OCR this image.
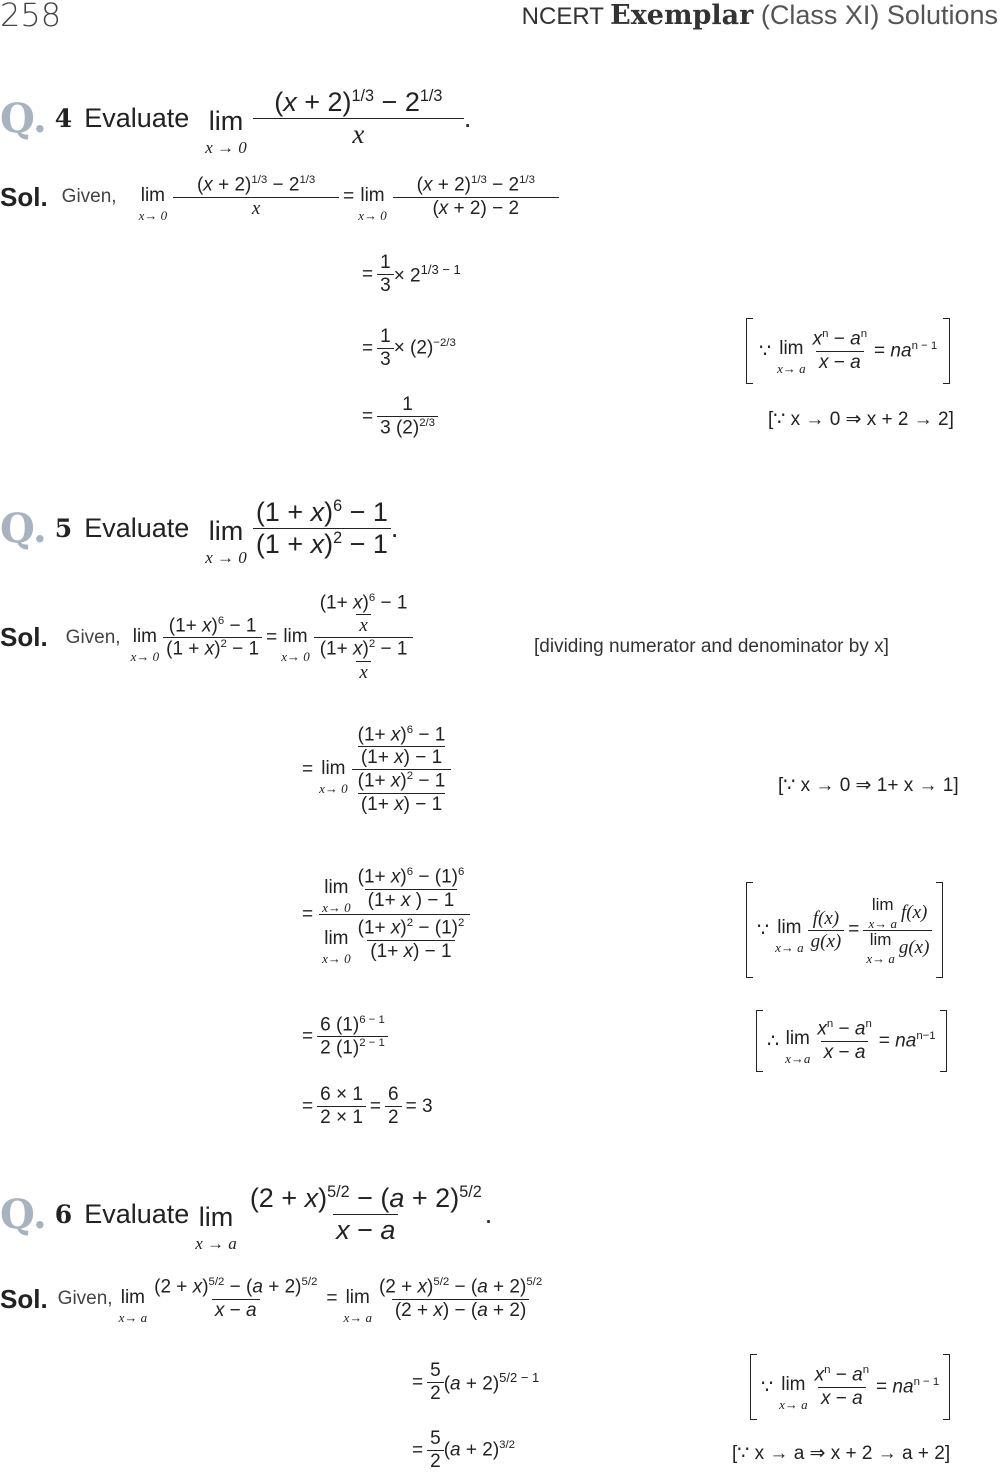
258	NCERT Exemplar (Class XI) Solutions
Q. 4 Evaluate lim
$x \to 0 \frac{(x + 2)^{1/3} - 2^{1/3}}{x}$ .
Sol. Given, lim
$x\to 0 \frac{(x + 2)^{1/3} - 2^{1/3}}{x} = \lim$
$x\to 0 \frac{(x + 2)^{1/3} - 2^{1/3}}{(x + 2) - 2}$
= $\frac{1}{3} \times 2^{1/3 - 1}$
= $\frac{1}{3} \times (2)^{-2/3}$	∵ lim
x→ a $\frac{x^n - a^n}{x - a} = na^{n - 1}$
= $\frac{1}{3 (2)^{2/3}}$	[∵ x → 0 ⇒ x + 2 → 2]
Q. 5 Evaluate lim
$x \to 0 \frac{(1 + x)^6 - 1}{(1 + x)^2 - 1}$ .
Sol. Given, lim
$x\to 0 \frac{(1+ x)^6 - 1}{(1 + x)^2 - 1} = \lim$
$x\to 0 \frac{\frac{(1+ x)^6 - 1}{x}}{\frac{(1+ x)^2 - 1}{x}}$	[dividing numerator and denominator by x]
= lim
$x\to 0 \frac{\frac{(1+ x)^6 - 1}{(1+ x) - 1}}{\frac{(1+ x)^2 - 1}{(1+ x) - 1}}$	[∵ x → 0 ⇒ 1+ x → 1]
= lim
$x\to 0 \frac{(1+ x)^6 - (1)^6}{(1+ x ) - 1}$
lim
$x\to 0 \frac{(1+ x)^2 - (1)^2}{(1+ x) - 1}$	∵ lim
x→ a $\frac{f(x)}{g(x)} = \lim$
x→ a
f(x)
lim
x→ a
g(x)
= $\frac{6 (1)^{6 - 1}}{2 (1)^{2 - 1}}$	∴ lim
$x\to a \frac{x^n - a^n}{x - a} = na^{n-1}$
= $\frac{6 \times 1}{2 \times 1} = \frac{6}{2} = 3$
Q. 6 Evaluate lim
x → a $\frac{(2 + x)^{5/2} - (a + 2)^{5/2}}{x - a}$ .
Sol. Given, lim
x→ a $\frac{(2 + x)^{5/2} - (a + 2)^{5/2}}{x - a} = \lim$
x→ a $\frac{(2 + x)^{5/2} - (a + 2)^{5/2}}{(2 + x) - (a + 2)}$
= $\frac{5}{2} (a + 2)^{5/2 - 1}$	∵ lim
x→ a $\frac{x^n - a^n}{x - a} = na^{n - 1}$
= $\frac{5}{2} (a + 2)^{3/2}$	[∵ x → a ⇒ x + 2 → a + 2]
